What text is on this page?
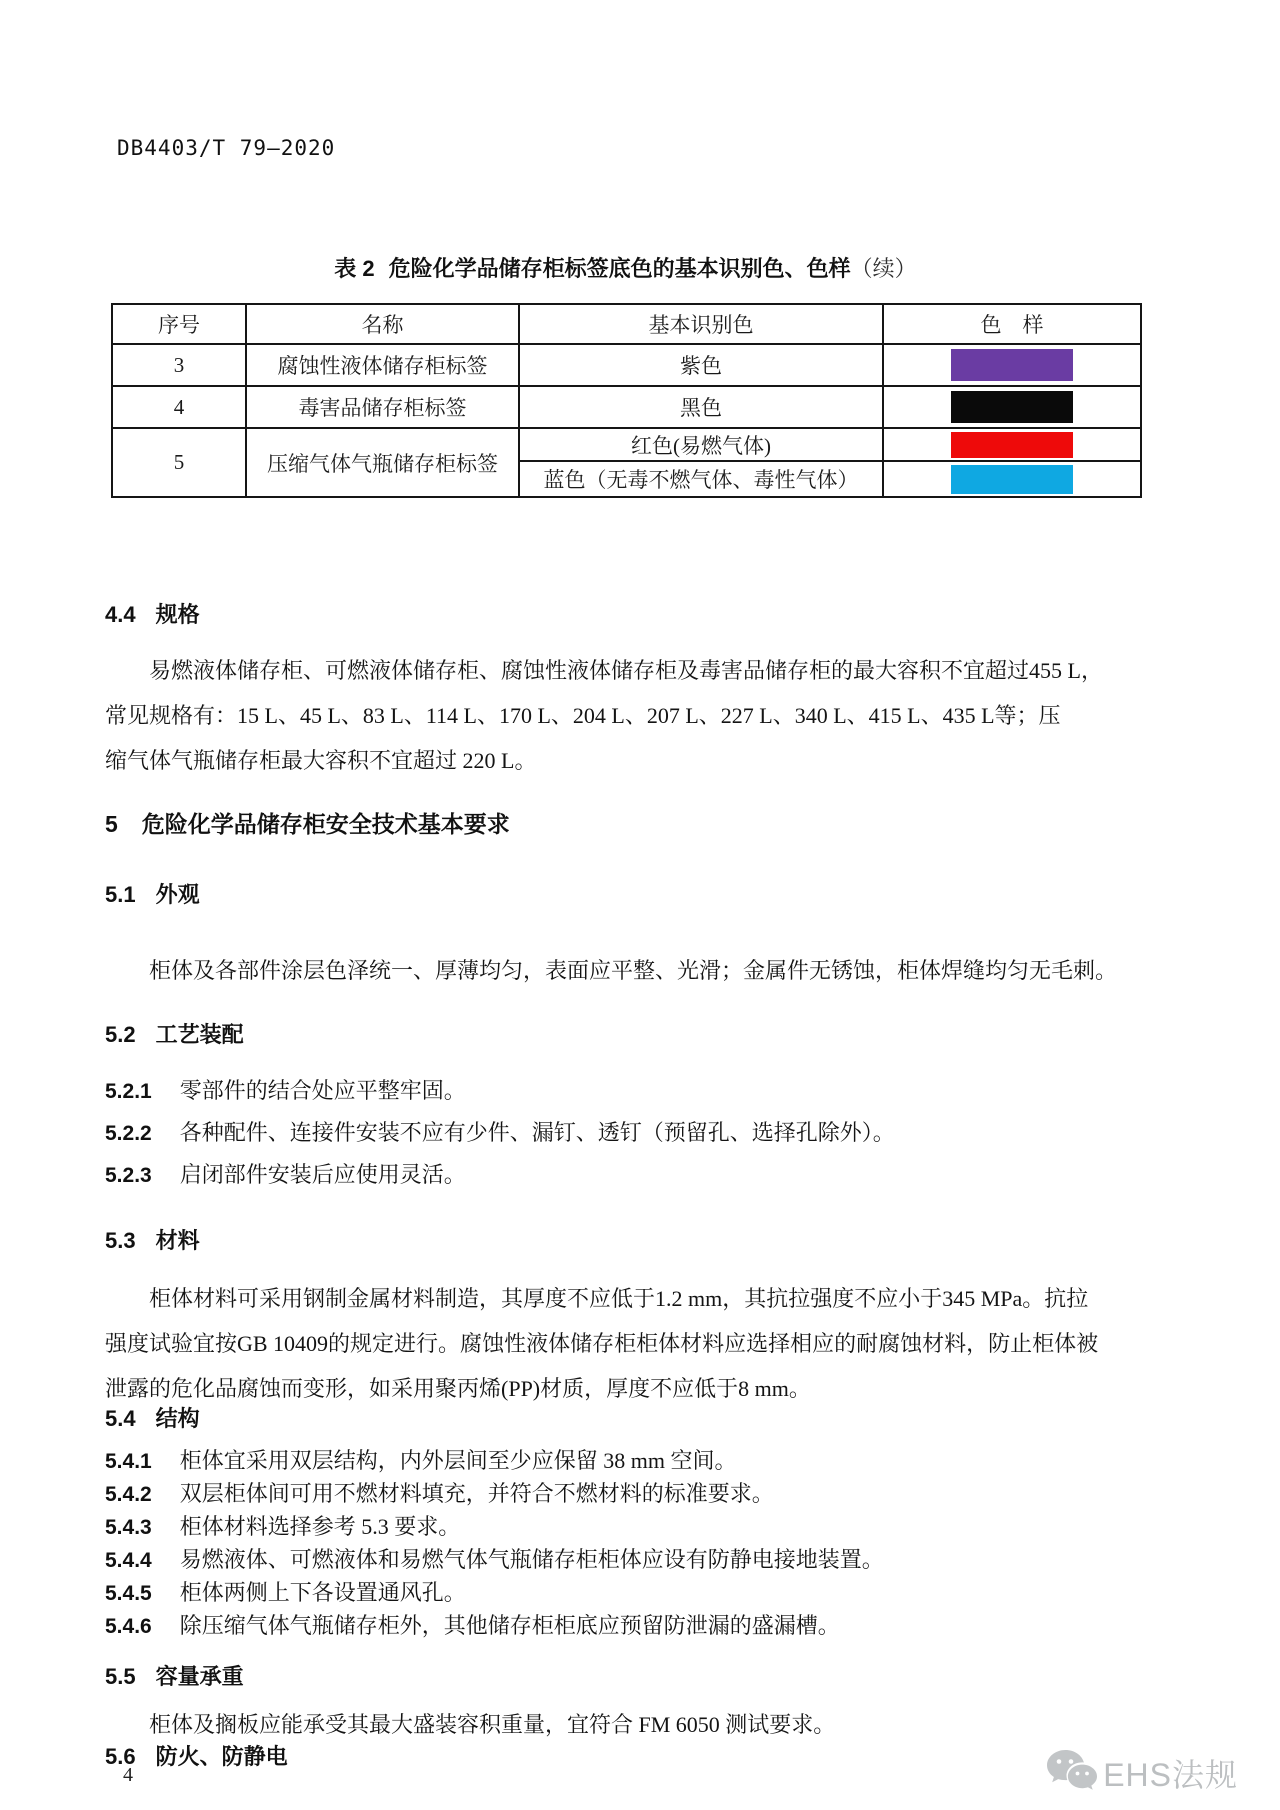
DB4403/T 79—2020
表 2 危险化学品储存柜标签底色的基本识别色、色样（续）
序号	名称	基本识别色	色　样
3	腐蚀性液体储存柜标签	紫色	

4	毒害品储存柜标签	黑色	

5	压缩气体气瓶储存柜标签	红色(易燃气体)	

		蓝色（无毒不燃气体、毒性气体）	
4.4 规格
易燃液体储存柜、可燃液体储存柜、腐蚀性液体储存柜及毒害品储存柜的最大容积不宜超过455 L，
常见规格有：15 L、45 L、83 L、114 L、170 L、204 L、207 L、227 L、340 L、415 L、435 L等；压
缩气体气瓶储存柜最大容积不宜超过 220 L。
5 危险化学品储存柜安全技术基本要求
5.1 外观
柜体及各部件涂层色泽统一、厚薄均匀，表面应平整、光滑；金属件无锈蚀，柜体焊缝均匀无毛刺。
5.2 工艺装配
5.2.1 零部件的结合处应平整牢固。
5.2.2 各种配件、连接件安装不应有少件、漏钉、透钉（预留孔、选择孔除外）。
5.2.3 启闭部件安装后应使用灵活。
5.3 材料
柜体材料可采用钢制金属材料制造，其厚度不应低于1.2 mm，其抗拉强度不应小于345 MPa。抗拉
强度试验宜按GB 10409的规定进行。腐蚀性液体储存柜柜体材料应选择相应的耐腐蚀材料，防止柜体被
泄露的危化品腐蚀而变形，如采用聚丙烯(PP)材质，厚度不应低于8 mm。
5.4 结构
5.4.1 柜体宜采用双层结构，内外层间至少应保留 38 mm 空间。
5.4.2 双层柜体间可用不燃材料填充，并符合不燃材料的标准要求。
5.4.3 柜体材料选择参考 5.3 要求。
5.4.4 易燃液体、可燃液体和易燃气体气瓶储存柜柜体应设有防静电接地装置。
5.4.5 柜体两侧上下各设置通风孔。
5.4.6 除压缩气体气瓶储存柜外，其他储存柜柜底应预留防泄漏的盛漏槽。
5.5 容量承重
柜体及搁板应能承受其最大盛装容积重量，宜符合 FM 6050 测试要求。
5.6 防火、防静电
4	EHS法规
